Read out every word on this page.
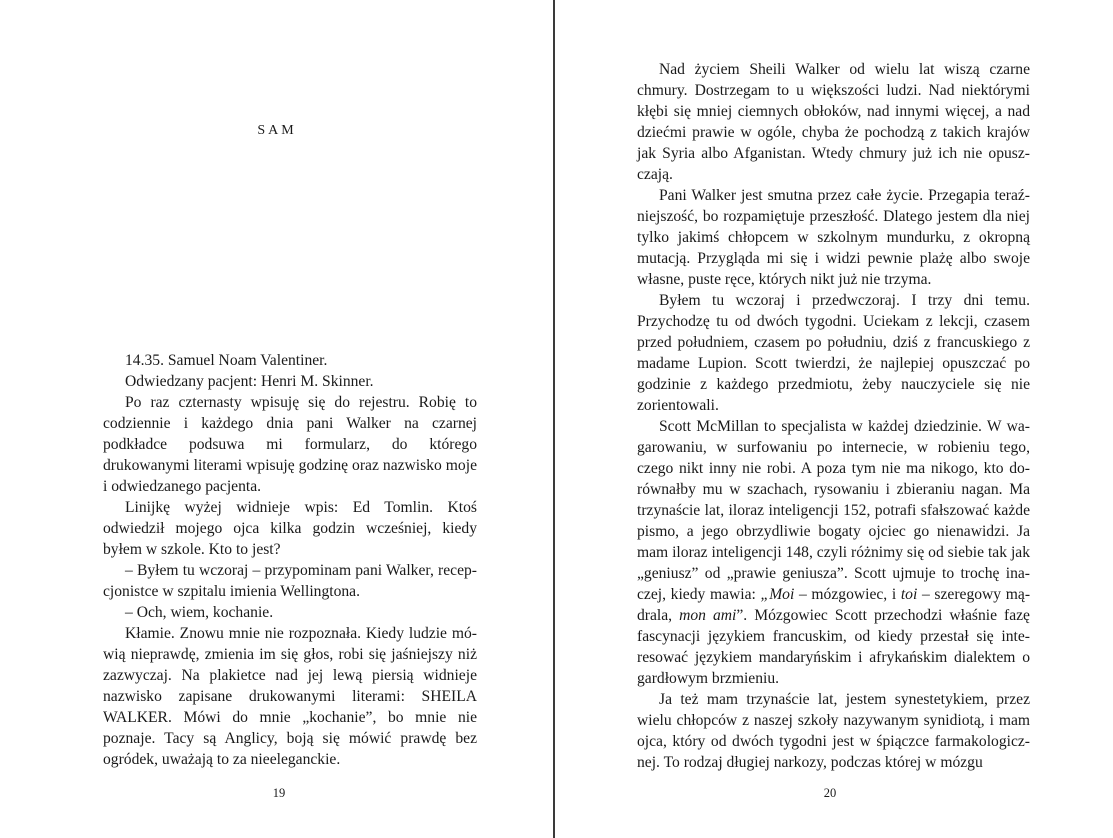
SAM

14.35. Samuel Noam Valentiner.

Odwiedzany pacjent: Henri M. Skinner.

Po raz czternasty wpisuję się do rejestru. Robię to codziennie i każdego dnia pani Walker na czarnej podkładce podsuwa mi formularz, do którego drukowanymi literami wpisuję godzinę oraz nazwisko moje i odwiedzanego pacjenta.

Linijkę wyżej widnieje wpis: Ed Tomlin. Ktoś odwiedził mojego ojca kilka godzin wcześniej, kiedy byłem w szkole. Kto to jest?

– Byłem tu wczoraj – przypominam pani Walker, recepcjonistce w szpitalu imienia Wellingtona.

– Och, wiem, kochanie.

Kłamie. Znowu mnie nie rozpoznała. Kiedy ludzie mówią nieprawdę, zmienia im się głos, robi się jaśniejszy niż zazwyczaj. Na plakietce nad jej lewą piersią widnieje nazwisko zapisane drukowanymi literami: SHEILA WALKER. Mówi do mnie „kochanie”, bo mnie nie poznaje. Tacy są Anglicy, boją się mówić prawdę bez ogródek, uważają to za nieeleganckie.

19

Nad życiem Sheili Walker od wielu lat wiszą czarne chmury. Dostrzegam to u większości ludzi. Nad niektórymi kłębi się mniej ciemnych obłoków, nad innymi więcej, a nad dziećmi prawie w ogóle, chyba że pochodzą z takich krajów jak Syria albo Afganistan. Wtedy chmury już ich nie opuszczają.

Pani Walker jest smutna przez całe życie. Przegapia teraźniejszość, bo rozpamiętuje przeszłość. Dlatego jestem dla niej tylko jakimś chłopcem w szkolnym mundurku, z okropną mutacją. Przygląda mi się i widzi pewnie plażę albo swoje własne, puste ręce, których nikt już nie trzyma.

Byłem tu wczoraj i przedwczoraj. I trzy dni temu. Przychodzę tu od dwóch tygodni. Uciekam z lekcji, czasem przed południem, czasem po południu, dziś z francuskiego z madame Lupion. Scott twierdzi, że najlepiej opuszczać po godzinie z każdego przedmiotu, żeby nauczyciele się nie zorientowali.

Scott McMillan to specjalista w każdej dziedzinie. W wagarowaniu, w surfowaniu po internecie, w robieniu tego, czego nikt inny nie robi. A poza tym nie ma nikogo, kto dorównałby mu w szachach, rysowaniu i zbieraniu nagan. Ma trzynaście lat, iloraz inteligencji 152, potrafi sfałszować każde pismo, a jego obrzydliwie bogaty ojciec go nienawidzi. Ja mam iloraz inteligencji 148, czyli różnimy się od siebie tak jak „geniusz” od „prawie geniusza”. Scott ujmuje to trochę inaczej, kiedy mawia: „Moi – mózgowiec, i toi – szeregowy mądrala, mon ami”. Mózgowiec Scott przechodzi właśnie fazę fascynacji językiem francuskim, od kiedy przestał się interesować językiem mandaryńskim i afrykańskim dialektem o gardłowym brzmieniu.

Ja też mam trzynaście lat, jestem synestetykiem, przez wielu chłopców z naszej szkoły nazywanym synidiotą, i mam ojca, który od dwóch tygodni jest w śpiączce farmakologicznej. To rodzaj długiej narkozy, podczas której w mózgu

20
